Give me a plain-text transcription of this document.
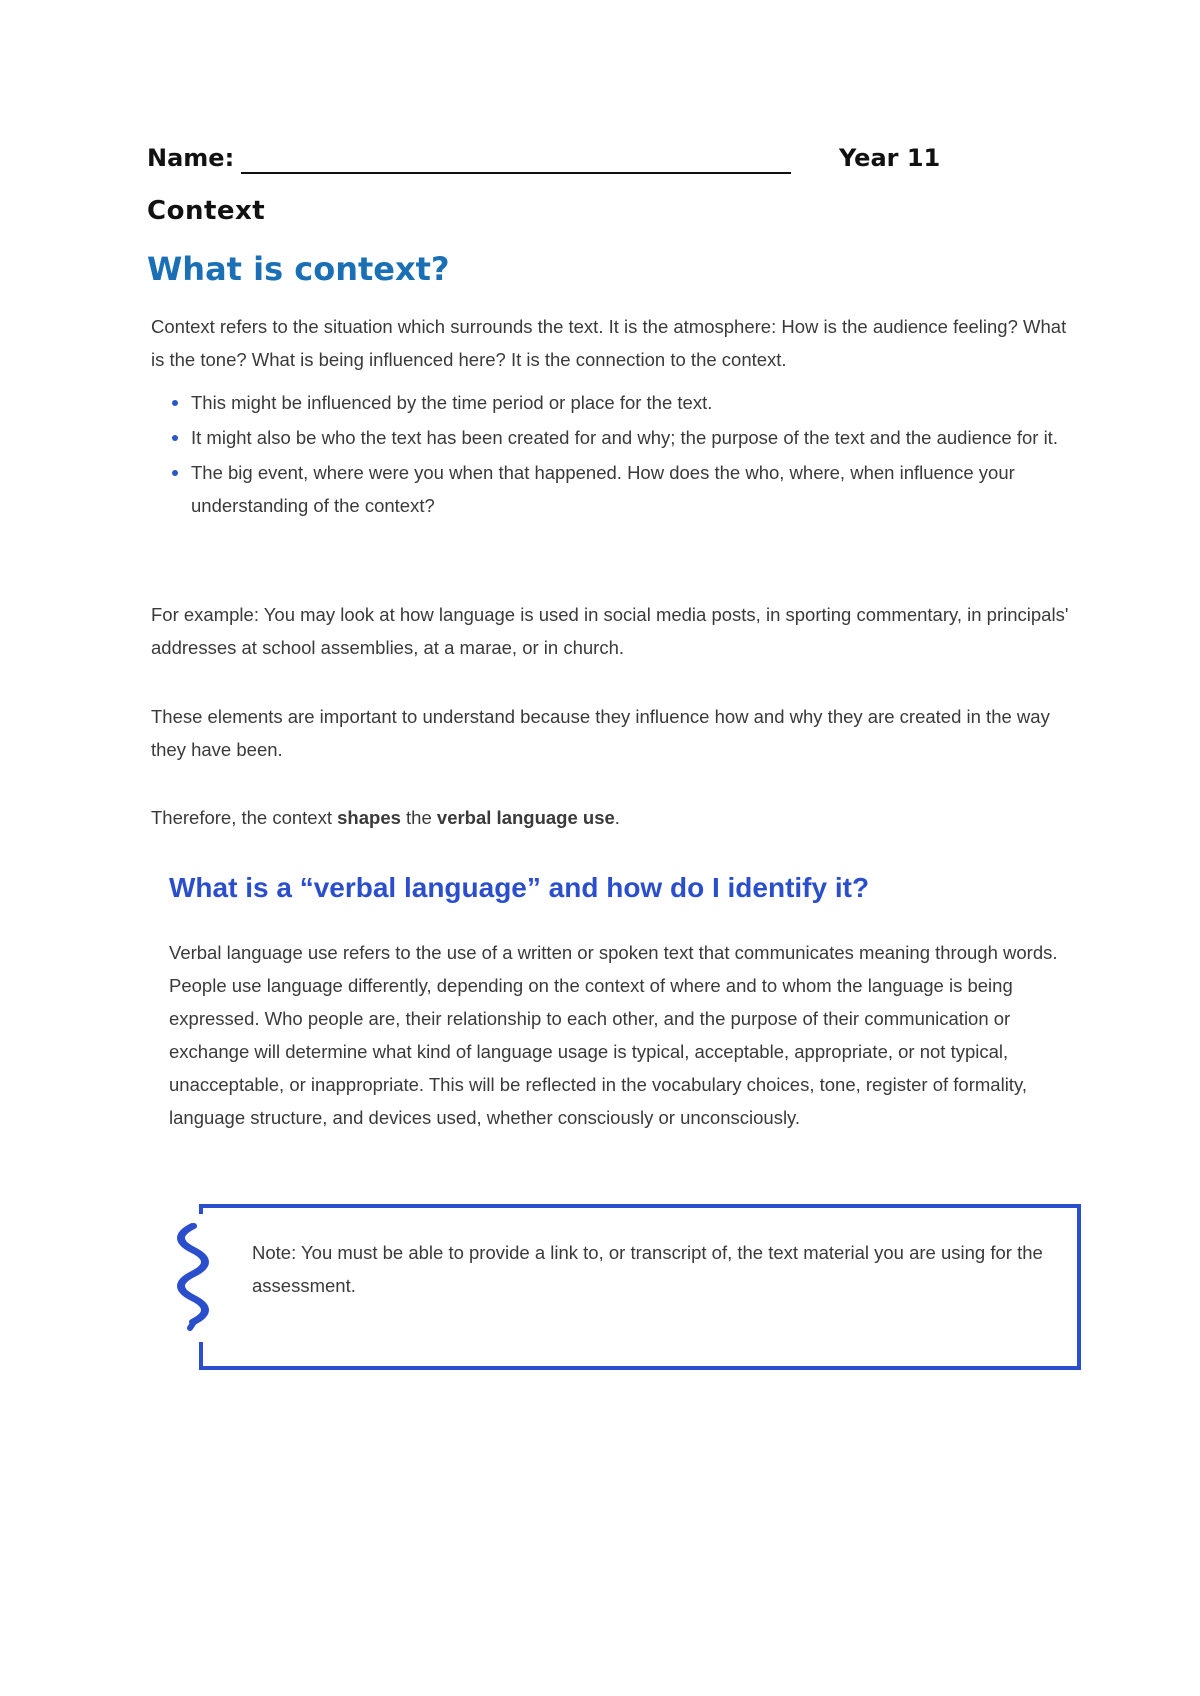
Name:	Year 11
Context
What is context?
Context refers to the situation which surrounds the text. It is the atmosphere: How is the audience feeling? What is the tone? What is being influenced here? It is the connection to the context.
This might be influenced by the time period or place for the text.
It might also be who the text has been created for and why; the purpose of the text and the audience for it.
The big event, where were you when that happened. How does the who, where, when influence your understanding of the context?
For example: You may look at how language is used in social media posts, in sporting commentary, in principals' addresses at school assemblies, at a marae, or in church.
These elements are important to understand because they influence how and why they are created in the way they have been.
Therefore, the context shapes the verbal language use.
What is a “verbal language” and how do I identify it?
Verbal language use refers to the use of a written or spoken text that communicates meaning through words. People use language differently, depending on the context of where and to whom the language is being expressed. Who people are, their relationship to each other, and the purpose of their communication or exchange will determine what kind of language usage is typical, acceptable, appropriate, or not typical, unacceptable, or inappropriate. This will be reflected in the vocabulary choices, tone, register of formality, language structure, and devices used, whether consciously or unconsciously.
Note: You must be able to provide a link to, or transcript of, the text material you are using for the assessment.
